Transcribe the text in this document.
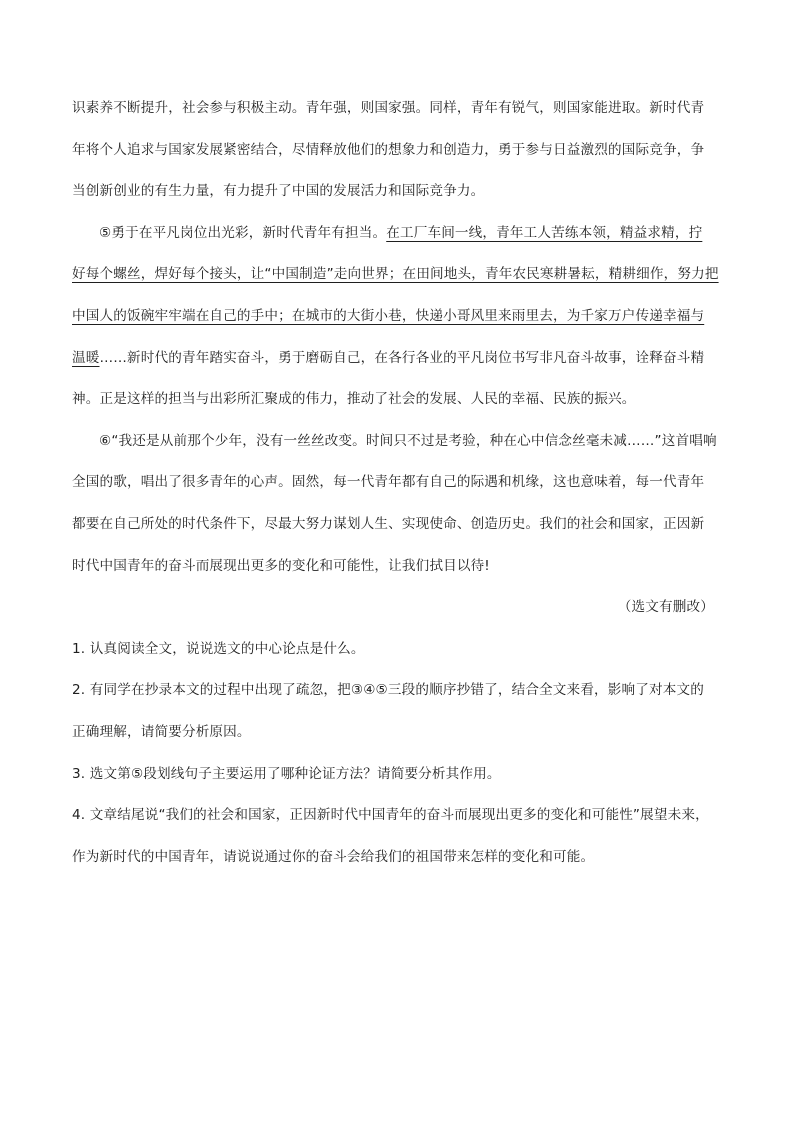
识素养不断提升，社会参与积极主动。青年强，则国家强。同样，青年有锐气，则国家能进取。新时代青
年将个人追求与国家发展紧密结合，尽情释放他们的想象力和创造力，勇于参与日益激烈的国际竞争，争
当创新创业的有生力量，有力提升了中国的发展活力和国际竞争力。
⑤勇于在平凡岗位出光彩，新时代青年有担当。在工厂车间一线，青年工人苦练本领，精益求精，拧
好每个螺丝，焊好每个接头，让“中国制造”走向世界；在田间地头，青年农民寒耕暑耘，精耕细作，努力把
中国人的饭碗牢牢端在自己的手中；在城市的大街小巷，快递小哥风里来雨里去，为千家万户传递幸福与
温暖……新时代的青年踏实奋斗，勇于磨砺自己，在各行各业的平凡岗位书写非凡奋斗故事，诠释奋斗精
神。正是这样的担当与出彩所汇聚成的伟力，推动了社会的发展、人民的幸福、民族的振兴。
⑥“我还是从前那个少年，没有一丝丝改变。时间只不过是考验，种在心中信念丝毫未减……”这首唱响
全国的歌，唱出了很多青年的心声。固然，每一代青年都有自己的际遇和机缘，这也意味着，每一代青年
都要在自己所处的时代条件下，尽最大努力谋划人生、实现使命、创造历史。我们的社会和国家，正因新
时代中国青年的奋斗而展现出更多的变化和可能性，让我们拭目以待!
（选文有删改）
1. 认真阅读全文，说说选文的中心论点是什么。
2. 有同学在抄录本文的过程中出现了疏忽，把③④⑤三段的顺序抄错了，结合全文来看，影响了对本文的
正确理解，请简要分析原因。
3. 选文第⑤段划线句子主要运用了哪种论证方法？请简要分析其作用。
4. 文章结尾说“我们的社会和国家，正因新时代中国青年的奋斗而展现出更多的变化和可能性”展望未来，
作为新时代的中国青年，请说说通过你的奋斗会给我们的祖国带来怎样的变化和可能。
